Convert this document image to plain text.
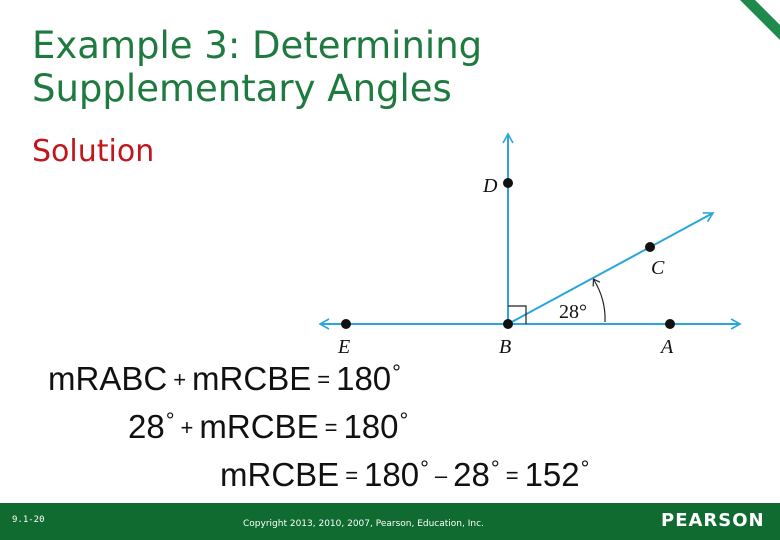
Example 3: Determining
Supplementary Angles
Solution
D
C
E	B	A
28°
mRABC + mRCBE = 180°
28° + mRCBE = 180°
mRCBE = 180° – 28° = 152°
9.1-20	Copyright 2013, 2010, 2007, Pearson, Education, Inc.	PEARSON
